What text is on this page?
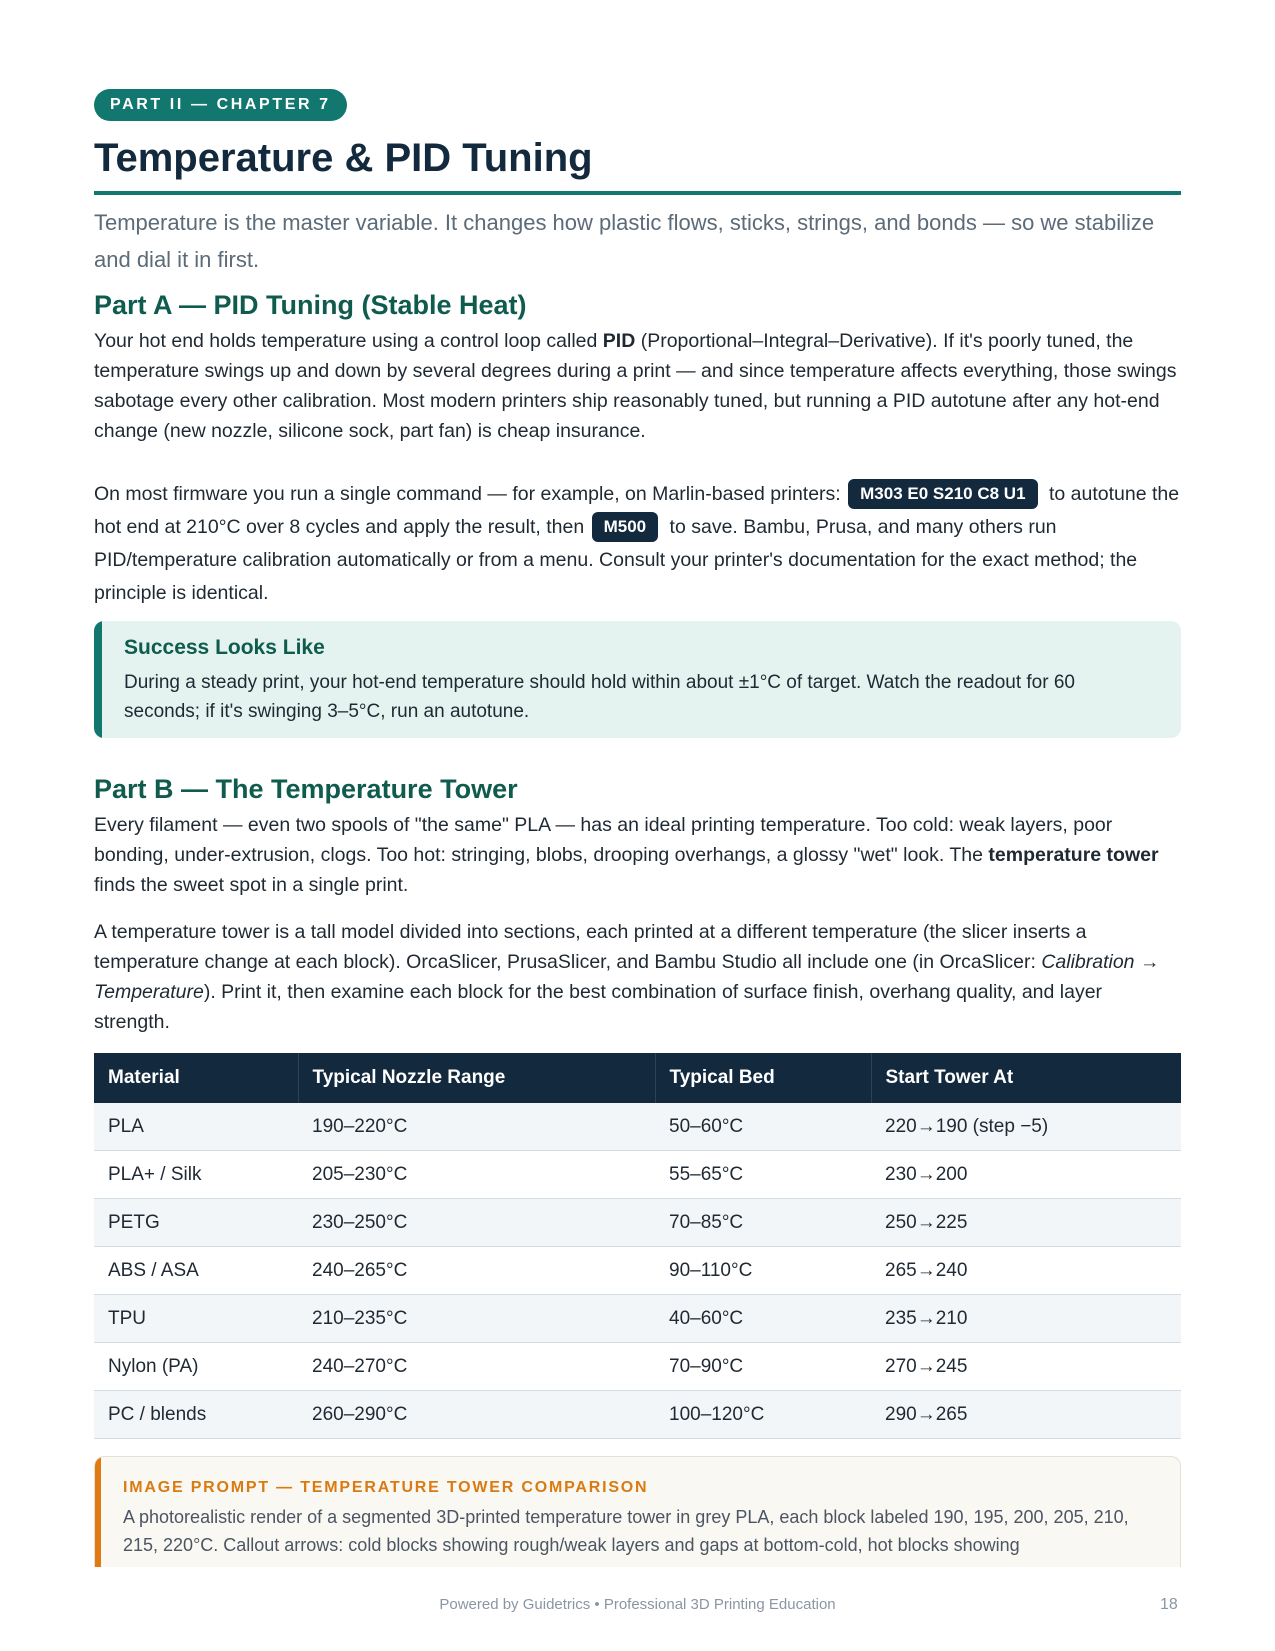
PART II — CHAPTER 7
Temperature & PID Tuning

Temperature is the master variable. It changes how plastic flows, sticks, strings, and bonds — so we stabilize and dial it in first.

Part A — PID Tuning (Stable Heat)

Your hot end holds temperature using a control loop called PID (Proportional–Integral–Derivative). If it's poorly tuned, the temperature swings up and down by several degrees during a print — and since temperature affects everything, those swings sabotage every other calibration. Most modern printers ship reasonably tuned, but running a PID autotune after any hot-end change (new nozzle, silicone sock, part fan) is cheap insurance.

On most firmware you run a single command — for example, on Marlin-based printers: M303 E0 S210 C8 U1 to autotune the hot end at 210°C over 8 cycles and apply the result, then M500 to save. Bambu, Prusa, and many others run PID/temperature calibration automatically or from a menu. Consult your printer's documentation for the exact method; the principle is identical.

Success Looks Like
During a steady print, your hot-end temperature should hold within about ±1°C of target. Watch the readout for 60 seconds; if it's swinging 3–5°C, run an autotune.
Part B — The Temperature Tower

Every filament — even two spools of "the same" PLA — has an ideal printing temperature. Too cold: weak layers, poor bonding, under-extrusion, clogs. Too hot: stringing, blobs, drooping overhangs, a glossy "wet" look. The temperature tower finds the sweet spot in a single print.

A temperature tower is a tall model divided into sections, each printed at a different temperature (the slicer inserts a temperature change at each block). OrcaSlicer, PrusaSlicer, and Bambu Studio all include one (in OrcaSlicer: Calibration → Temperature). Print it, then examine each block for the best combination of surface finish, overhang quality, and layer strength.

Material	Typical Nozzle Range	Typical Bed	Start Tower At
PLA	190–220°C	50–60°C	220→190 (step −5)
PLA+ / Silk	205–230°C	55–65°C	230→200
PETG	230–250°C	70–85°C	250→225
ABS / ASA	240–265°C	90–110°C	265→240
TPU	210–235°C	40–60°C	235→210
Nylon (PA)	240–270°C	70–90°C	270→245
PC / blends	260–290°C	100–120°C	290→265
IMAGE PROMPT — TEMPERATURE TOWER COMPARISON
A photorealistic render of a segmented 3D-printed temperature tower in grey PLA, each block labeled 190, 195, 200, 205, 210, 215, 220°C. Callout arrows: cold blocks showing rough/weak layers and gaps at bottom-cold, hot blocks showing
Powered by Guidetrics • Professional 3D Printing Education	18
